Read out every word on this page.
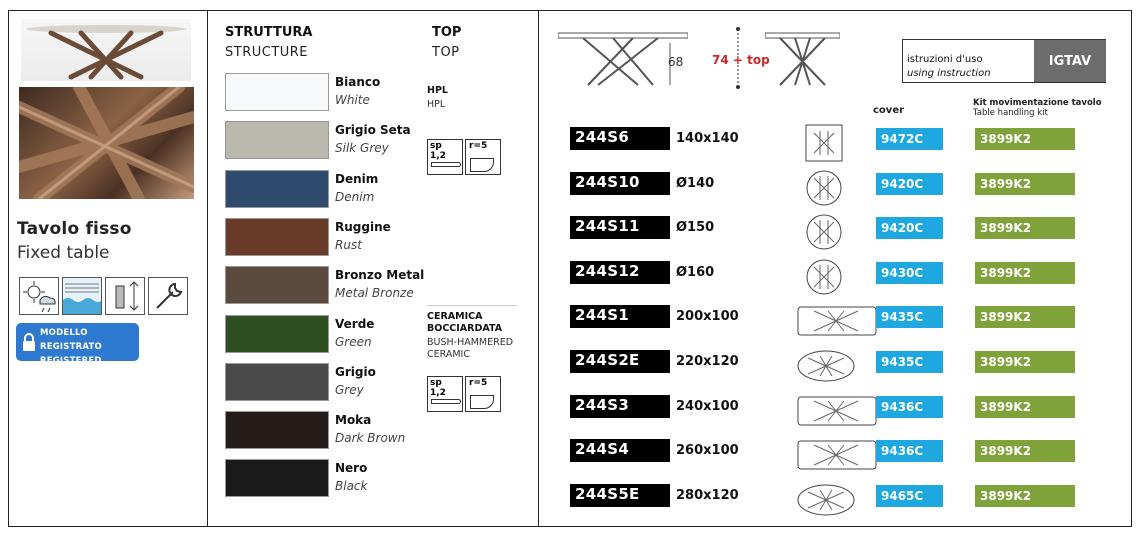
Tavolo fisso
Fixed table
MODELLO REGISTRATO
REGISTERED MODEL
STRUTTURA
STRUCTURE
TOP
TOP
Bianco
White
Grigio Seta
Silk Grey
Denim
Denim
Ruggine
Rust
Bronzo Metal
Metal Bronze
Verde
Green
Grigio
Grey
Moka
Dark Brown
Nero
Black
HPL
HPL
sp 1,2
r=5
CERAMICA BOCCIARDATA
BUSH-HAMMERED CERAMIC
sp 1,2
r=5
68 74 + top	istruzioni d'uso
using instruction
IGTAV
cover
Kit movimentazione tavolo
Table handling kit
244S6	140x140	9472C	3899K2
244S10	Ø140	9420C	3899K2
244S11	Ø150	9420C	3899K2
244S12	Ø160	9430C	3899K2
244S1	200x100	9435C	3899K2
244S2E	220x120	9435C	3899K2
244S3	240x100	9436C	3899K2
244S4	260x100	9436C	3899K2
244S5E	280x120	9465C	3899K2
